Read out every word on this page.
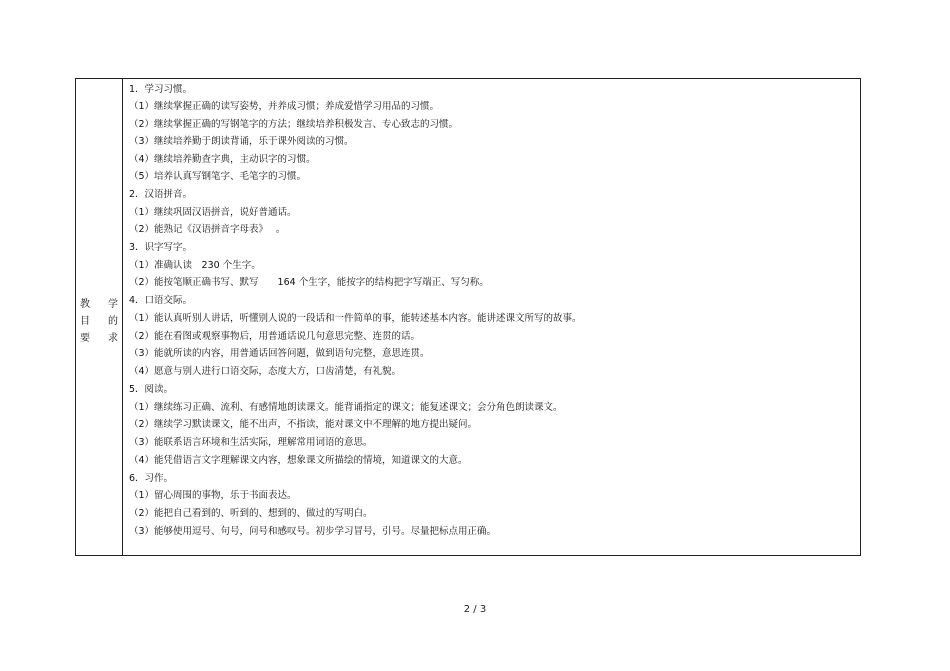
教 学
目 的
要 求
1．学习习惯。
（1）继续掌握正确的读写姿势，并养成习惯；养成爱惜学习用品的习惯。
（2）继续掌握正确的写钢笔字的方法；继续培养积极发言、专心致志的习惯。
（3）继续培养勤于朗读背诵，乐于课外阅读的习惯。
（4）继续培养勤查字典，主动识字的习惯。
（5）培养认真写钢笔字、毛笔字的习惯。
2．汉语拼音。
（1）继续巩固汉语拼音，说好普通话。
（2）能熟记《汉语拼音字母表》　 。
3．识字写字。
（1）准确认读　230 个生字。
（2）能按笔顺正确书写、默写　　164 个生字，能按字的结构把字写端正、写匀称。
4．口语交际。
（1）能认真听别人讲话，听懂别人说的一段话和一件简单的事，能转述基本内容。能讲述课文所写的故事。
（2）能在看图或观察事物后，用普通话说几句意思完整、连贯的话。
（3）能就所读的内容，用普通话回答问题，做到语句完整，意思连贯。
（4）愿意与别人进行口语交际，态度大方，口齿清楚，有礼貌。
5．阅读。
（1）继续练习正确、流利、有感情地朗读课文。能背诵指定的课文；能复述课文；会分角色朗读课文。
（2）继续学习默读课文，能不出声，不指读，能对课文中不理解的地方提出疑问。
（3）能联系语言环境和生活实际，理解常用词语的意思。
（4）能凭借语言文字理解课文内容，想象课文所描绘的情境，知道课文的大意。
6．习作。
（1）留心周围的事物，乐于书面表达。
（2）能把自己看到的、听到的、想到的、做过的写明白。
（3）能够使用逗号、句号，问号和感叹号。初步学习冒号，引号。尽量把标点用正确。
2 / 3
